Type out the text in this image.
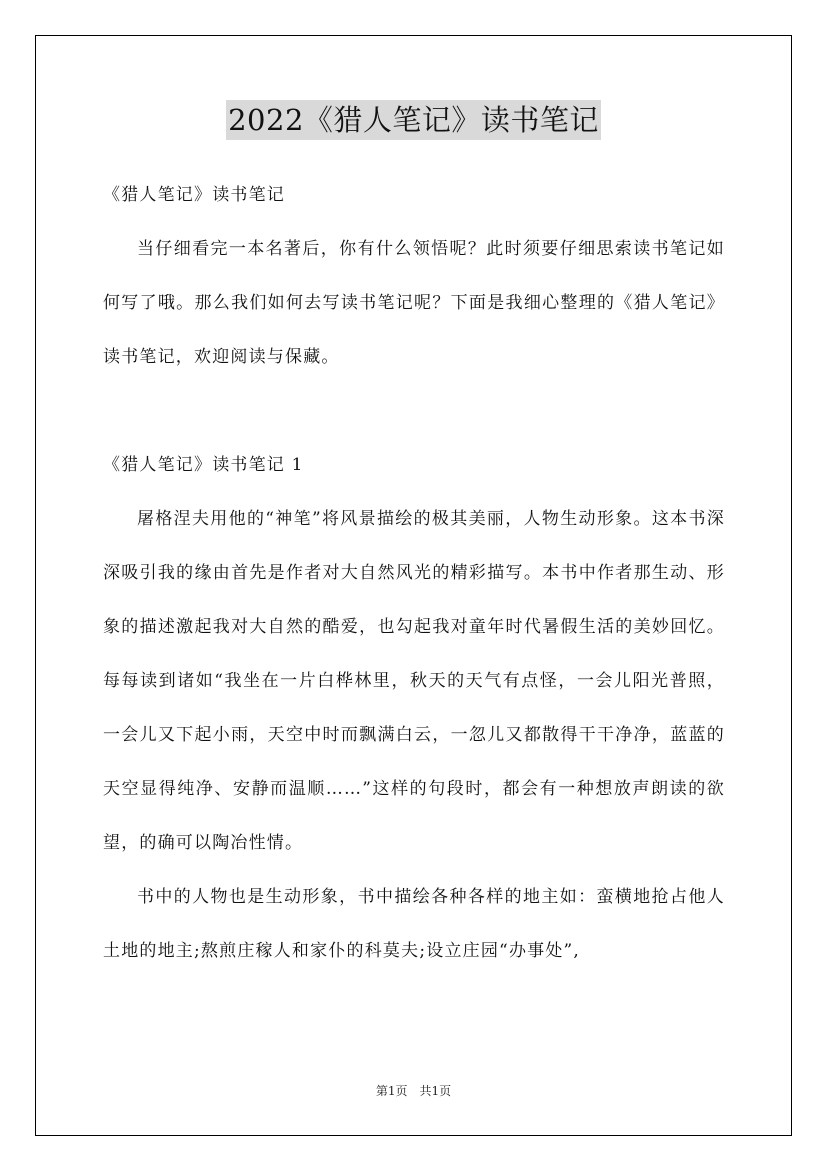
2022《猎人笔记》读书笔记

《猎人笔记》读书笔记

当仔细看完一本名著后，你有什么领悟呢？此时须要仔细思索读书笔记如何写了哦。那么我们如何去写读书笔记呢？下面是我细心整理的《猎人笔记》读书笔记，欢迎阅读与保藏。

《猎人笔记》读书笔记 1

屠格涅夫用他的“神笔”将风景描绘的极其美丽，人物生动形象。这本书深深吸引我的缘由首先是作者对大自然风光的精彩描写。本书中作者那生动、形象的描述激起我对大自然的酷爱，也勾起我对童年时代暑假生活的美妙回忆。每每读到诸如“我坐在一片白桦林里，秋天的天气有点怪，一会儿阳光普照，一会儿又下起小雨，天空中时而飘满白云，一忽儿又都散得干干净净，蓝蓝的天空显得纯净、安静而温顺……”这样的句段时，都会有一种想放声朗读的欲望，的确可以陶冶性情。

书中的人物也是生动形象，书中描绘各种各样的地主如：蛮横地抢占他人土地的地主;熬煎庄稼人和家仆的科莫夫;设立庄园“办事处”,

第1页　共1页
